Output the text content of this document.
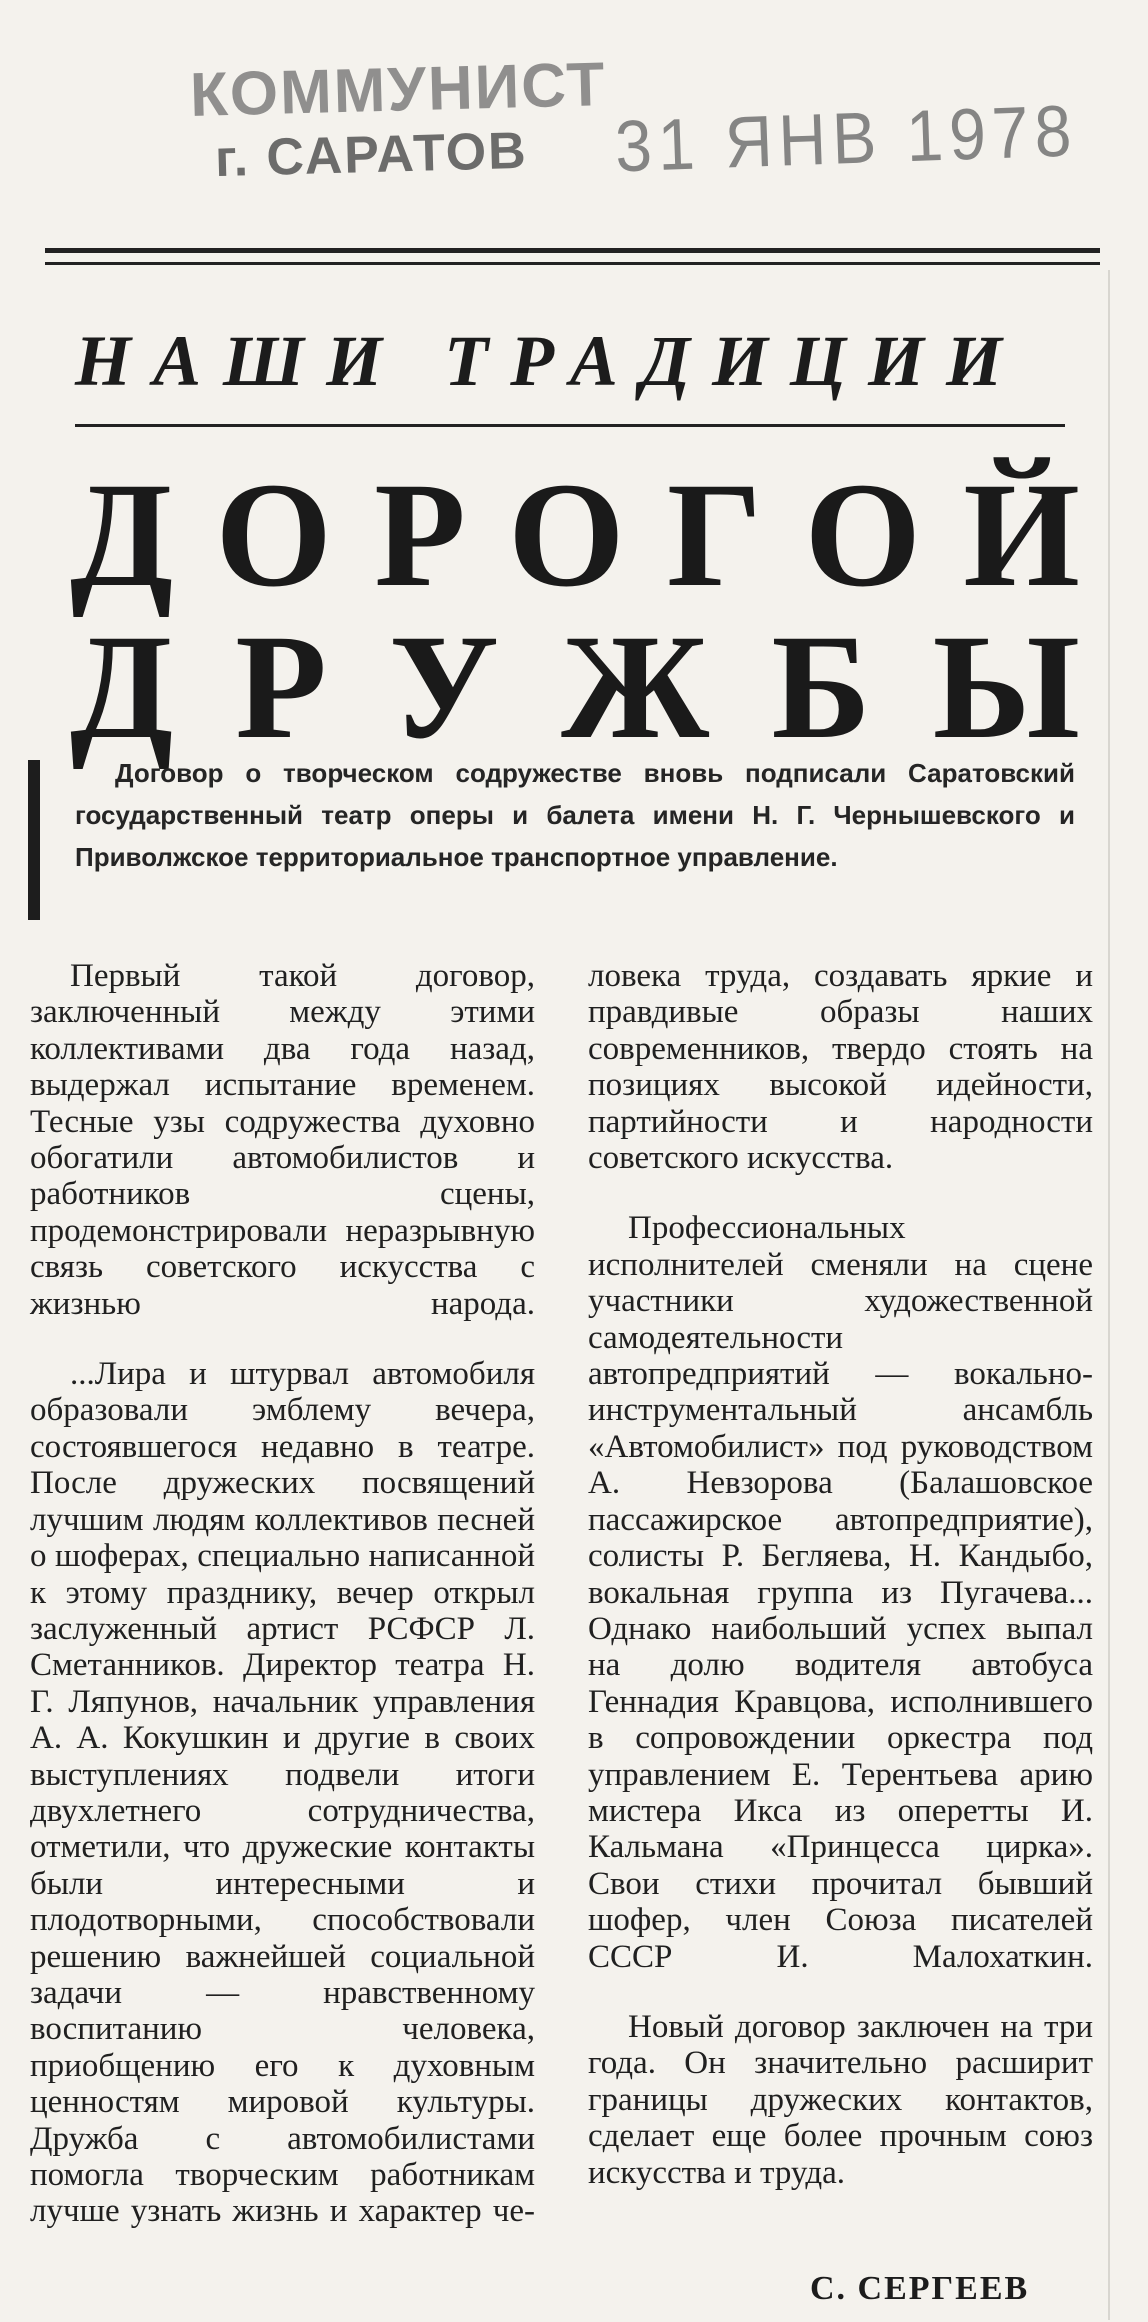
КОММУНИСТ
г. САРАТОВ 31 ЯНВ 1978
НАШИ ТРАДИЦИИ
Д О Р О Г О Й
Д Р У Ж Б Ы

Договор о творческом содружестве вновь подписали Саратовский государственный театр оперы и балета имени Н. Г. Чернышевского и Приволжское территориальное транспортное управление.

Первый такой договор, заключенный между этими коллективами два года назад, выдержал испытание временем. Тесные узы содружества духовно обогатили автомобилистов и работников сцены, продемонстрировали неразрывную связь советского искусства с жизнью народа.

...Лира и штурвал автомобиля образовали эмблему вечера, состоявшегося недавно в театре. После дружеских посвящений лучшим людям коллективов песней о шоферах, специально написанной к этому празднику, вечер открыл заслуженный артист РСФСР Л. Сметанников. Директор театра Н. Г. Ляпунов, начальник управления А. А. Кокушкин и другие в своих выступлениях подвели итоги двухлетнего сотрудничества, отметили, что дружеские контакты были интересными и плодотворными, способствовали решению важнейшей социальной задачи — нравственному воспитанию человека, приобщению его к духовным ценностям мировой культуры. Дружба с автомобилистами помогла творческим работникам лучше узнать жизнь и характер че-

ловека труда, создавать яркие и правдивые образы наших современников, твердо стоять на позициях высокой идейности, партийности и народности советского искусства.

Профессиональных исполнителей сменяли на сцене участники художественной самодеятельности автопредприятий — вокально-инструментальный ансамбль «Автомобилист» под руководством А. Невзорова (Балашовское пассажирское автопредприятие), солисты Р. Бегляева, Н. Кандыбо, вокальная группа из Пугачева... Однако наибольший успех выпал на долю водителя автобуса Геннадия Кравцова, исполнившего в сопровождении оркестра под управлением Е. Терентьева арию мистера Икса из оперетты И. Кальмана «Принцесса цирка». Свои стихи прочитал бывший шофер, член Союза писателей СССР И. Малохаткин.

Новый договор заключен на три года. Он значительно расширит границы дружеских контактов, сделает еще более прочным союз искусства и труда.

С. СЕРГЕЕВ
